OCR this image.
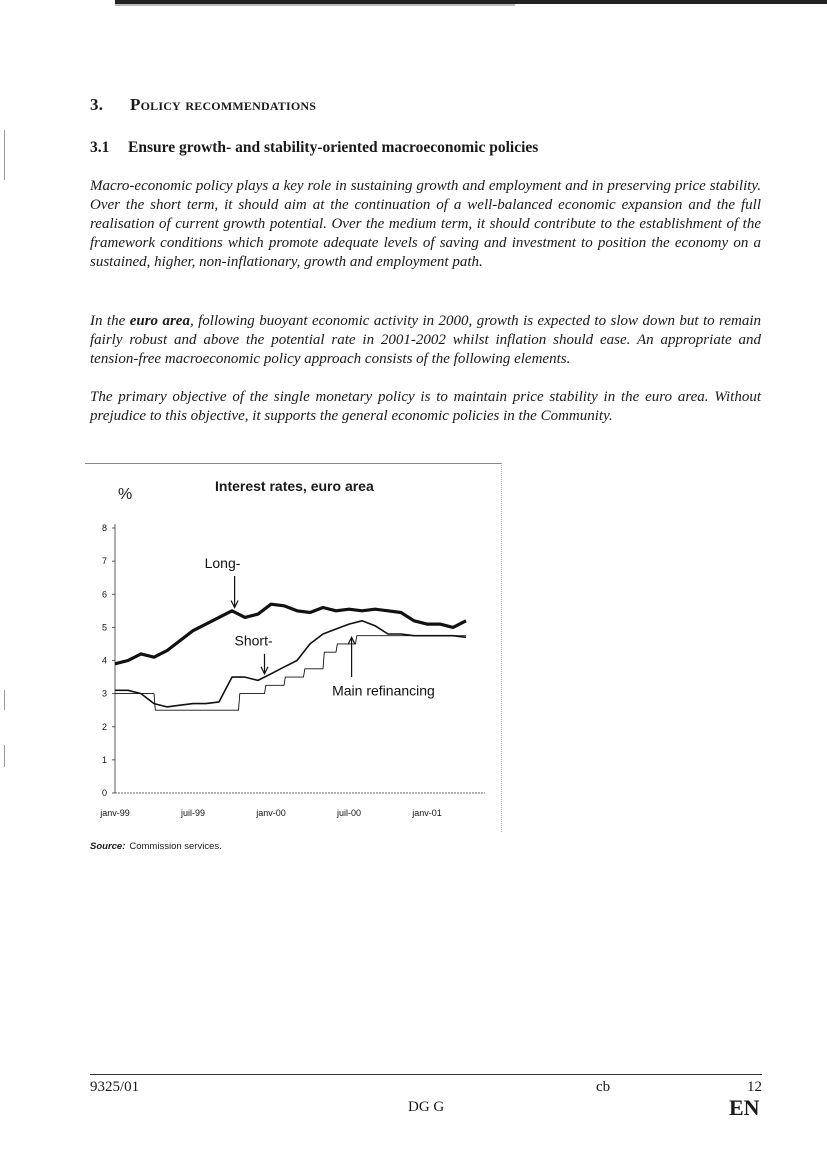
3. Policy recommendations
3.1 Ensure growth- and stability-oriented macroeconomic policies

Macro-economic policy plays a key role in sustaining growth and employment and in preserving price stability. Over the short term, it should aim at the continuation of a well-balanced economic expansion and the full realisation of current growth potential. Over the medium term, it should contribute to the establishment of the framework conditions which promote adequate levels of saving and investment to position the economy on a sustained, higher, non-inflationary, growth and employment path.

In the euro area, following buoyant economic activity in 2000, growth is expected to slow down but to remain fairly robust and above the potential rate in 2001-2002 whilst inflation should ease. An appropriate and tension-free macroeconomic policy approach consists of the following elements.

The primary objective of the single monetary policy is to maintain price stability in the euro area. Without prejudice to this objective, it supports the general economic policies in the Community.

Interest rates, euro area
%
0
1
2
3
4
5
6
7
8
janv-99	juil-99	janv-00	juil-00	janv-01
Long-
Short-
Main refinancing
Source: Commission services.
9325/01	cb	12
DG G	EN
